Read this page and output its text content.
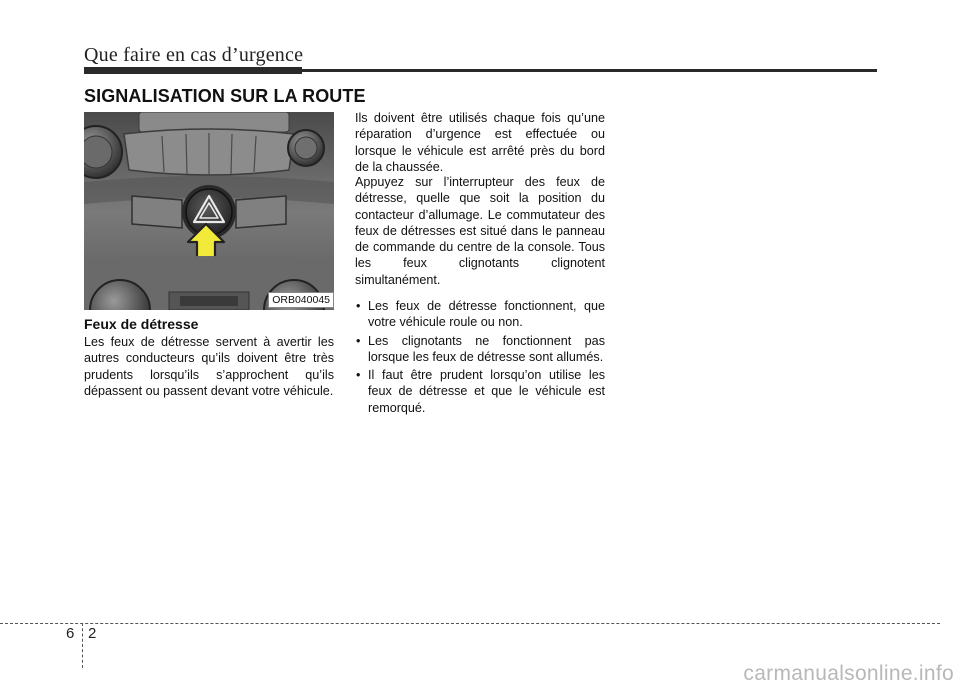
Que faire en cas d’urgence
SIGNALISATION SUR LA ROUTE
ORB040045
Feux de détresse

Les feux de détresse servent à avertir les autres conducteurs qu’ils doivent être très prudents lorsqu’ils s’approchent qu’ils dépassent ou passent devant votre véhicule.

Ils doivent être utilisés chaque fois qu’une réparation d’urgence est effectuée ou lorsque le véhicule est arrêté près du bord de la chaussée.

Appuyez sur l’interrupteur des feux de détresse, quelle que soit la position du contacteur d’allumage. Le commutateur des feux de détresses est situé dans le panneau de commande du centre de la console. Tous les feux clignotants clignotent simultanément.

• Les feux de détresse fonctionnent, que votre véhicule roule ou non.
• Les clignotants ne fonctionnent pas lorsque les feux de détresse sont allumés.
• Il faut être prudent lorsqu’on utilise les feux de détresse et que le véhicule est remorqué.
6 2
carmanualsonline.info
